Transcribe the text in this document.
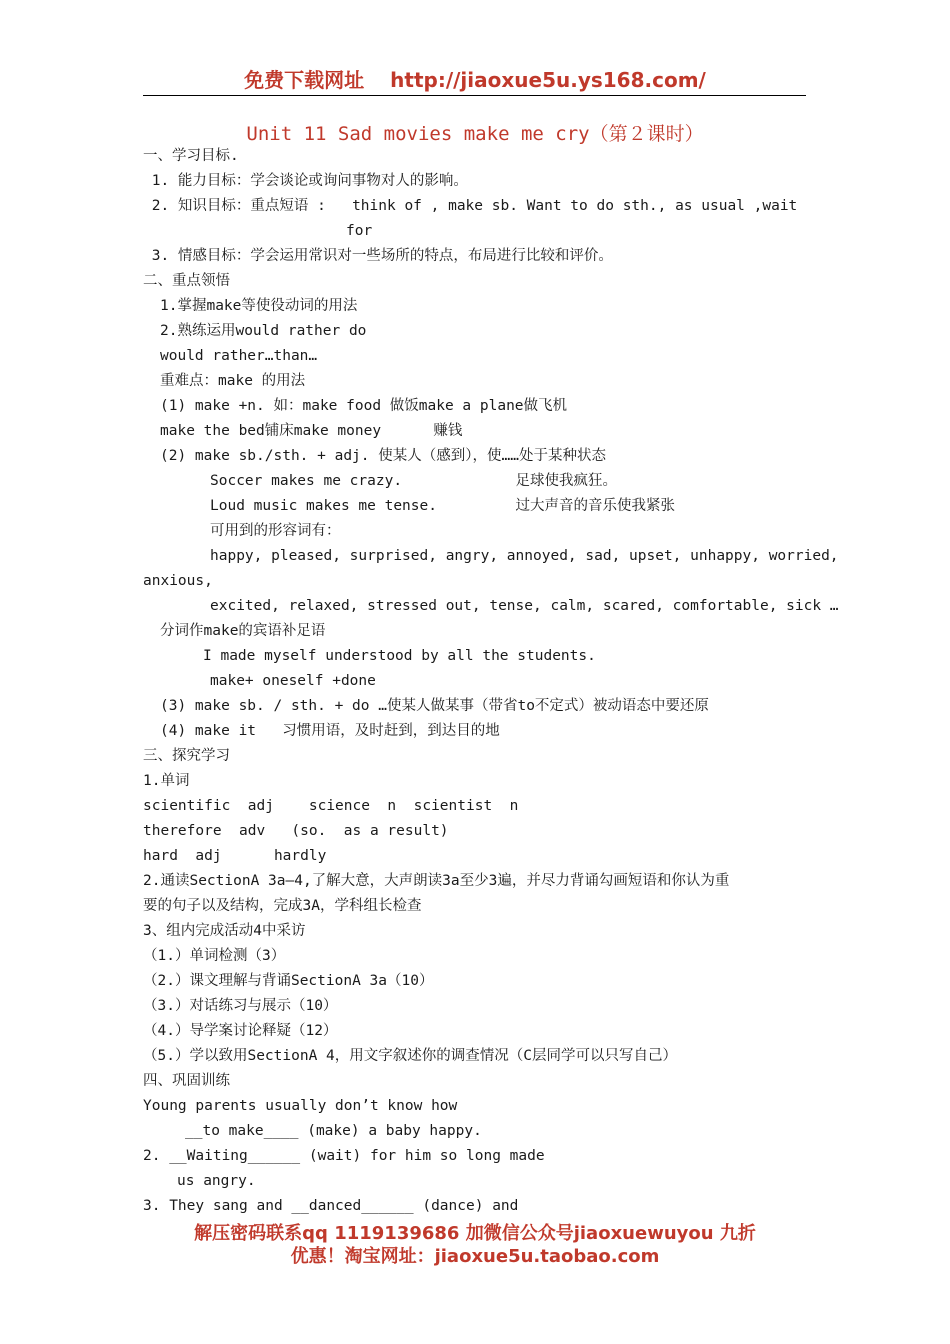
免费下载网址 http://jiaoxue5u.ys168.com/
Unit 11 Sad movies make me cry（第２课时）
一、学习目标.
1. 能力目标：学会谈论或询问事物对人的影响。
2. 知识目标：重点短语 :   think of , make sb. Want to do sth., as usual ,wait
for
3. 情感目标：学会运用常识对一些场所的特点，布局进行比较和评价。
二、重点领悟
1.掌握make等使役动词的用法
2.熟练运用would rather do
would rather…than…
重难点：make 的用法
(1) make +n. 如：make food 做饭make a plane做飞机
make the bed铺床make money      赚钱
(2) make sb./sth. + adj. 使某人（感到），使……处于某种状态
Soccer makes me crazy.             足球使我疯狂。
Loud music makes me tense.         过大声音的音乐使我紧张
可用到的形容词有：
happy, pleased, surprised, angry, annoyed, sad, upset, unhappy, worried,
anxious,
excited, relaxed, stressed out, tense, calm, scared, comfortable, sick …
分词作make的宾语补足语
I made myself understood by all the students.
make+ oneself +done
(3) make sb. / sth. + do …使某人做某事（带省to不定式）被动语态中要还原
(4) make it   习惯用语，及时赶到，到达目的地
三、探究学习
1.单词
scientific  adj    science  n  scientist  n
therefore  adv   (so.  as a result)
hard  adj      hardly
2.通读SectionA 3a—4,了解大意，大声朗读3a至少3遍，并尽力背诵勾画短语和你认为重
要的句子以及结构，完成3A，学科组长检查
3、组内完成活动4中采访
（1.）单词检测（3）
（2.）课文理解与背诵SectionA 3a（10）
（3.）对话练习与展示（10）
（4.）导学案讨论释疑（12）
（5.）学以致用SectionA 4，用文字叙述你的调查情况（C层同学可以只写自己）
四、巩固训练
Young parents usually don’t know how
__to make____ (make) a baby happy.
2. __Waiting______ (wait) for him so long made
us angry.
3. They sang and __danced______ (dance) and
解压密码联系qq 1119139686 加微信公众号jiaoxuewuyou 九折
优惠！淘宝网址：jiaoxue5u.taobao.com
